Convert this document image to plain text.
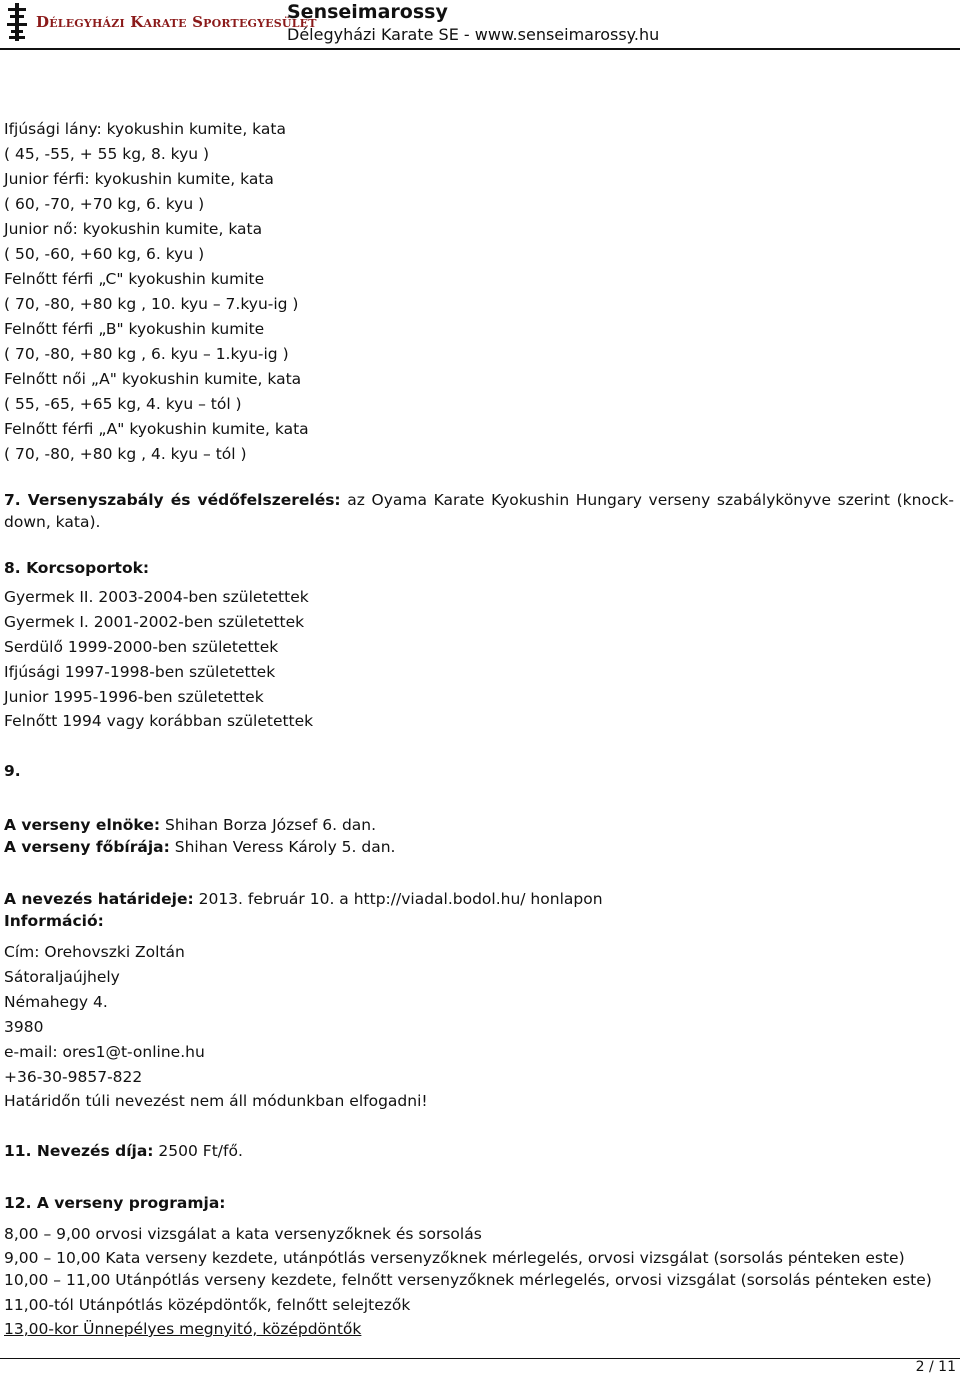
Délegyházi Karate Sportegyesület
Senseimarossy
Délegyházi Karate SE - www.senseimarossy.hu
Ifjúsági lány: kyokushin kumite, kata
( 45, -55, + 55 kg, 8. kyu )
Junior férfi: kyokushin kumite, kata
( 60, -70, +70 kg, 6. kyu )
Junior nő: kyokushin kumite, kata
( 50, -60, +60 kg, 6. kyu )
Felnőtt férfi „C" kyokushin kumite
( 70, -80, +80 kg , 10. kyu – 7.kyu-ig )
Felnőtt férfi „B" kyokushin kumite
( 70, -80, +80 kg , 6. kyu – 1.kyu-ig )
Felnőtt női „A" kyokushin kumite, kata
( 55, -65, +65 kg, 4. kyu – tól )
Felnőtt férfi „A" kyokushin kumite, kata
( 70, -80, +80 kg , 4. kyu – tól )
7. Versenyszabály és védőfelszerelés: az Oyama Karate Kyokushin Hungary verseny szabálykönyve szerint (knock-down, kata).
8. Korcsoportok:
Gyermek II. 2003-2004-ben születettek
Gyermek I. 2001-2002-ben születettek
Serdülő 1999-2000-ben születettek
Ifjúsági 1997-1998-ben születettek
Junior 1995-1996-ben születettek
Felnőtt 1994 vagy korábban születettek
9.
A verseny elnöke: Shihan Borza József 6. dan.
A verseny főbírája: Shihan Veress Károly 5. dan.
A nevezés határideje: 2013. február 10. a http://viadal.bodol.hu/ honlapon
Információ:
Cím: Orehovszki Zoltán
Sátoraljaújhely
Némahegy 4.
3980
e-mail: ores1@t-online.hu
+36-30-9857-822
Határidőn túli nevezést nem áll módunkban elfogadni!
11. Nevezés díja: 2500 Ft/fő.
12. A verseny programja:
8,00 – 9,00 orvosi vizsgálat a kata versenyzőknek és sorsolás
9,00 – 10,00 Kata verseny kezdete, utánpótlás versenyzőknek mérlegelés, orvosi vizsgálat (sorsolás pénteken este)
10,00 – 11,00 Utánpótlás verseny kezdete, felnőtt versenyzőknek mérlegelés, orvosi vizsgálat (sorsolás pénteken este)
11,00-tól Utánpótlás középdöntők, felnőtt selejtezők
13,00-kor Ünnepélyes megnyitó, középdöntők
2 / 11
